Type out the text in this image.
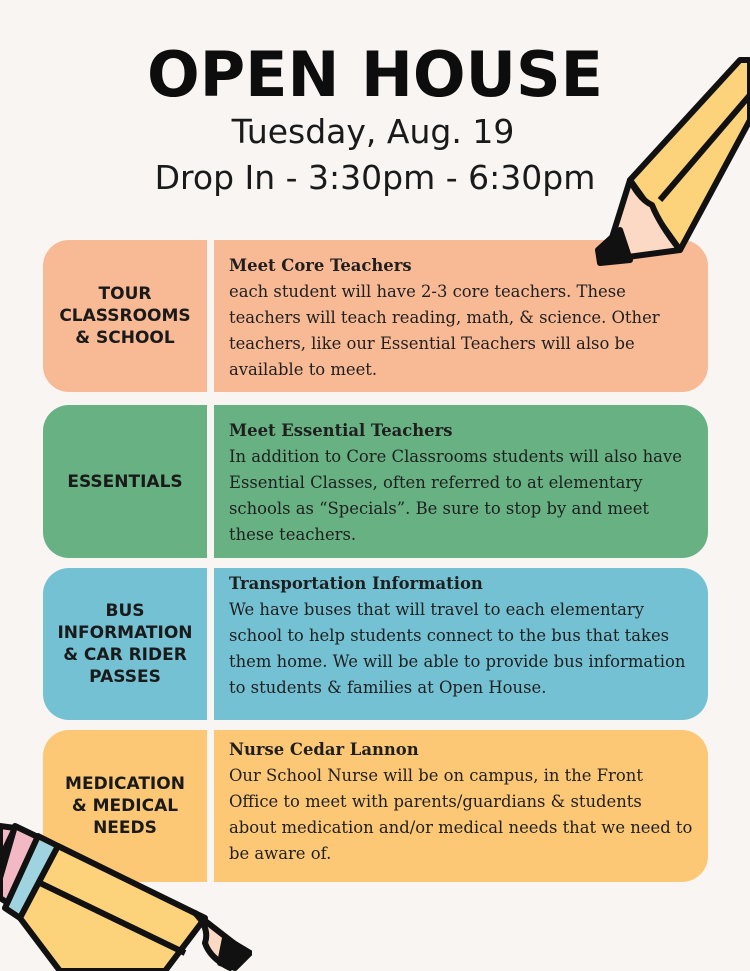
OPEN HOUSE
Tuesday, Aug. 19
Drop In - 3:30pm - 6:30pm
TOUR
CLASSROOMS
& SCHOOL
Meet Core Teachers
each student will have 2-3 core teachers. These teachers will teach reading, math, & science. Other teachers, like our Essential Teachers will also be available to meet.
ESSENTIALS
Meet Essential Teachers
In addition to Core Classrooms students will also have Essential Classes, often referred to at elementary schools as “Specials”. Be sure to stop by and meet these teachers.
BUS
INFORMATION
& CAR RIDER
PASSES
Transportation Information
We have buses that will travel to each elementary school to help students connect to the bus that takes them home. We will be able to provide bus information to students & families at Open House.
MEDICATION
& MEDICAL
NEEDS
Nurse Cedar Lannon
Our School Nurse will be on campus, in the Front Office to meet with parents/guardians & students about medication and/or medical needs that we need to be aware of.
